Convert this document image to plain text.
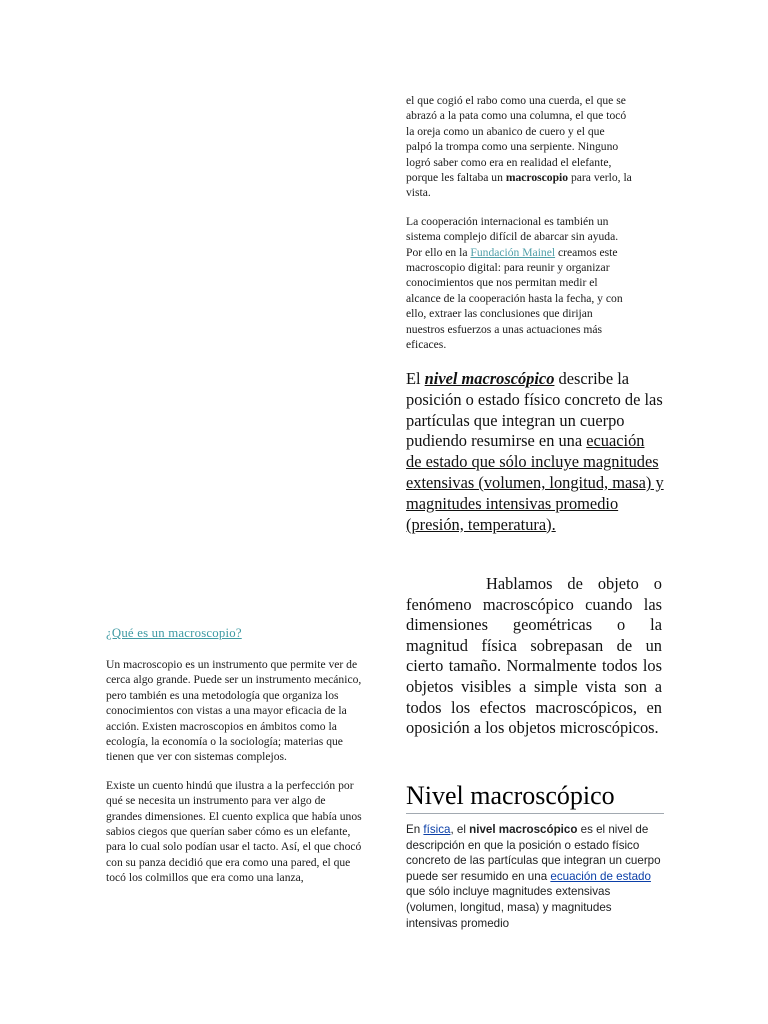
el que cogió el rabo como una cuerda, el que se abrazó a la pata como una columna, el que tocó la oreja como un abanico de cuero y el que palpó la trompa como una serpiente. Ninguno logró saber como era en realidad el elefante, porque les faltaba un macroscopio para verlo, la vista.

La cooperación internacional es también un sistema complejo difícil de abarcar sin ayuda. Por ello en la Fundación Mainel creamos este macroscopio digital: para reunir y organizar conocimientos que nos permitan medir el alcance de la cooperación hasta la fecha, y con ello, extraer las conclusiones que dirijan nuestros esfuerzos a unas actuaciones más eficaces.

El nivel macroscópico describe la posición o estado físico concreto de las partículas que integran un cuerpo pudiendo resumirse en una ecuación de estado que sólo incluye magnitudes extensivas (volumen, longitud, masa) y magnitudes intensivas promedio (presión, temperatura).

Hablamos de objeto o fenómeno macroscópico cuando las dimensiones geométricas o la magnitud física sobrepasan de un cierto tamaño. Normalmente todos los objetos visibles a simple vista son a todos los efectos macroscópicos, en oposición a los objetos microscópicos.

Nivel macroscópico

En física, el nivel macroscópico es el nivel de descripción en que la posición o estado físico concreto de las partículas que integran un cuerpo puede ser resumido en una ecuación de estado que sólo incluye magnitudes extensivas (volumen, longitud, masa) y magnitudes intensivas promedio

¿Qué es un macroscopio?

Un macroscopio es un instrumento que permite ver de cerca algo grande. Puede ser un instrumento mecánico, pero también es una metodología que organiza los conocimientos con vistas a una mayor eficacia de la acción. Existen macroscopios en ámbitos como la ecología, la economía o la sociología; materias que tienen que ver con sistemas complejos.

Existe un cuento hindú que ilustra a la perfección por qué se necesita un instrumento para ver algo de grandes dimensiones. El cuento explica que había unos sabios ciegos que querían saber cómo es un elefante, para lo cual solo podían usar el tacto. Así, el que chocó con su panza decidió que era como una pared, el que tocó los colmillos que era como una lanza,
